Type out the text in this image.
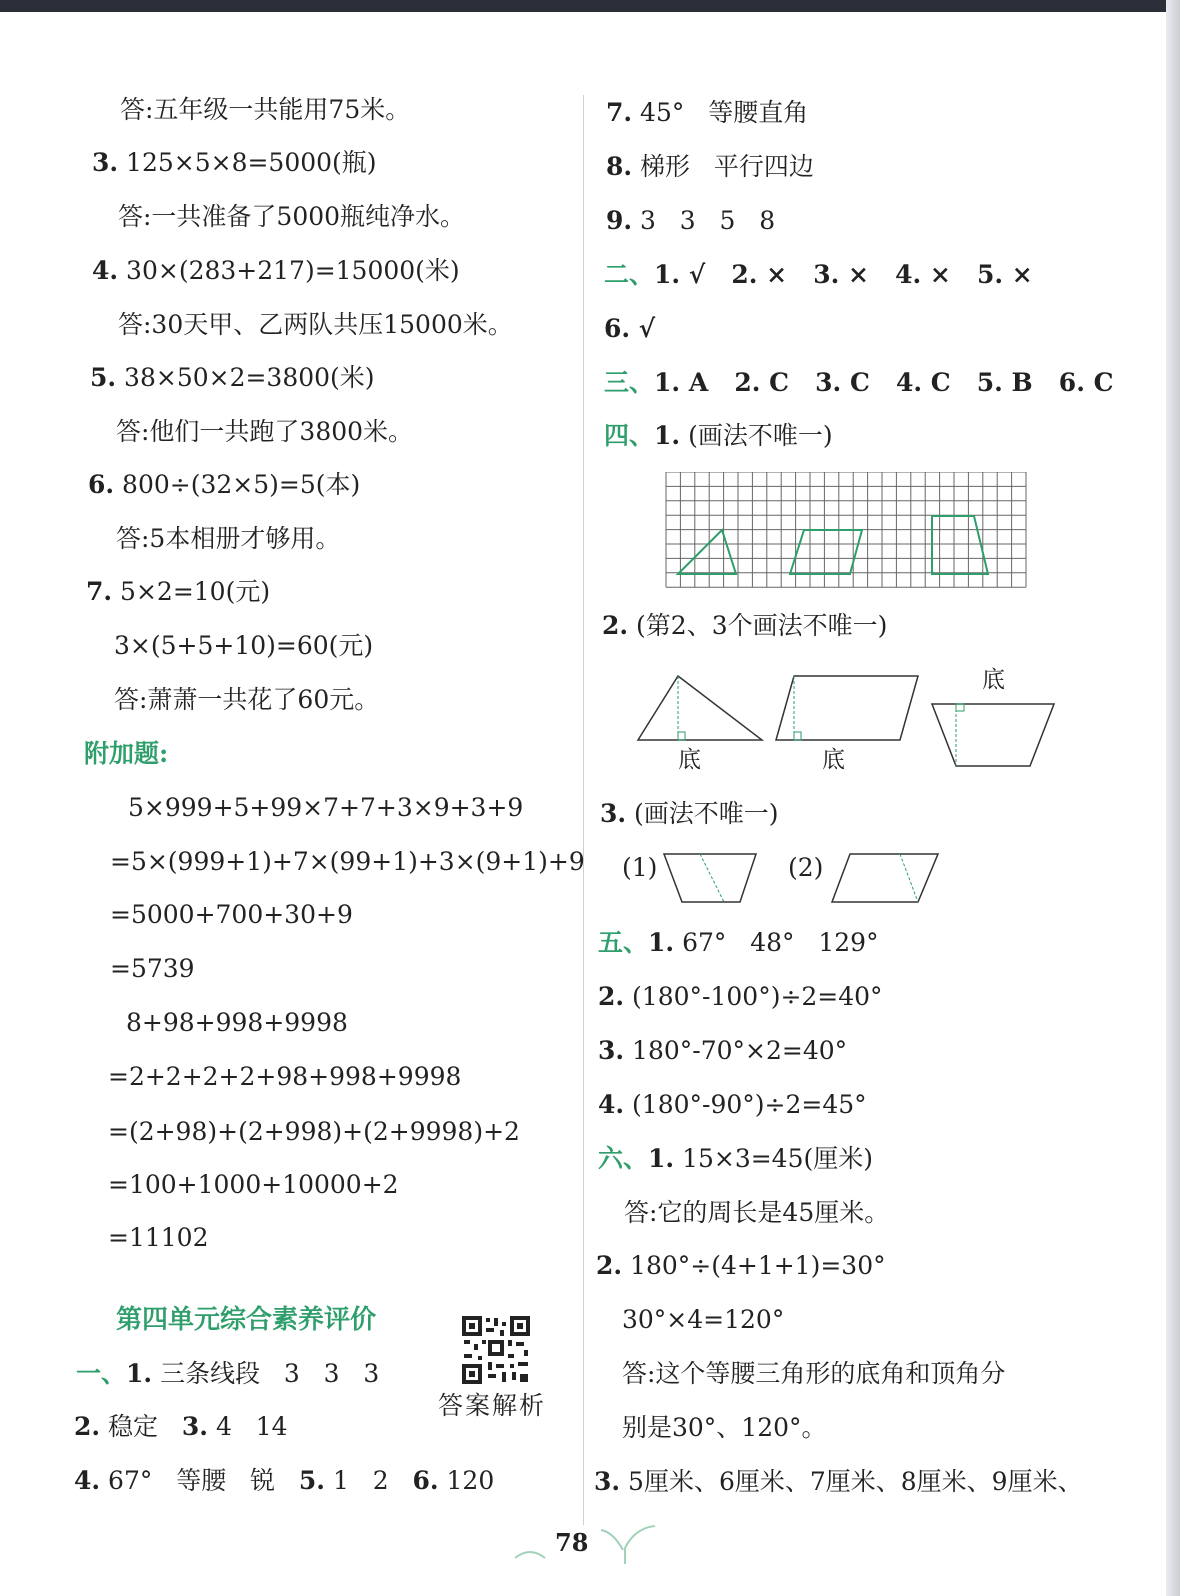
答:五年级一共能用75米。
3. 125×5×8=5000(瓶)
答:一共准备了5000瓶纯净水。
4. 30×(283+217)=15000(米)
答:30天甲、乙两队共压15000米。
5. 38×50×2=3800(米)
答:他们一共跑了3800米。
6. 800÷(32×5)=5(本)
答:5本相册才够用。
7. 5×2=10(元)
3×(5+5+10)=60(元)
答:萧萧一共花了60元。
附加题:
5×999+5+99×7+7+3×9+3+9
=5×(999+1)+7×(99+1)+3×(9+1)+9
=5000+700+30+9
=5739
8+98+998+9998
=2+2+2+2+98+998+9998
=(2+98)+(2+998)+(2+9998)+2
=100+1000+10000+2
=11102
第四单元综合素养评价
答案解析
一、1. 三条线段   3   3   3
2. 稳定   3. 4   14
4. 67°   等腰   锐   5. 1   2   6. 120
7. 45°   等腰直角
8. 梯形   平行四边
9. 3   3   5   8
二、1. √   2. ×   3. ×   4. ×   5. ×
6. √
三、1. A   2. C   3. C   4. C   5. B   6. C
四、1. (画法不唯一)
2. (第2、3个画法不唯一)
底
底	底
3. (画法不唯一)
(1)	(2)
五、1. 67°   48°   129°
2. (180°-100°)÷2=40°
3. 180°-70°×2=40°
4. (180°-90°)÷2=45°
六、1. 15×3=45(厘米)
答:它的周长是45厘米。
2. 180°÷(4+1+1)=30°
30°×4=120°
答:这个等腰三角形的底角和顶角分
别是30°、120°。
3. 5厘米、6厘米、7厘米、8厘米、9厘米、
78
